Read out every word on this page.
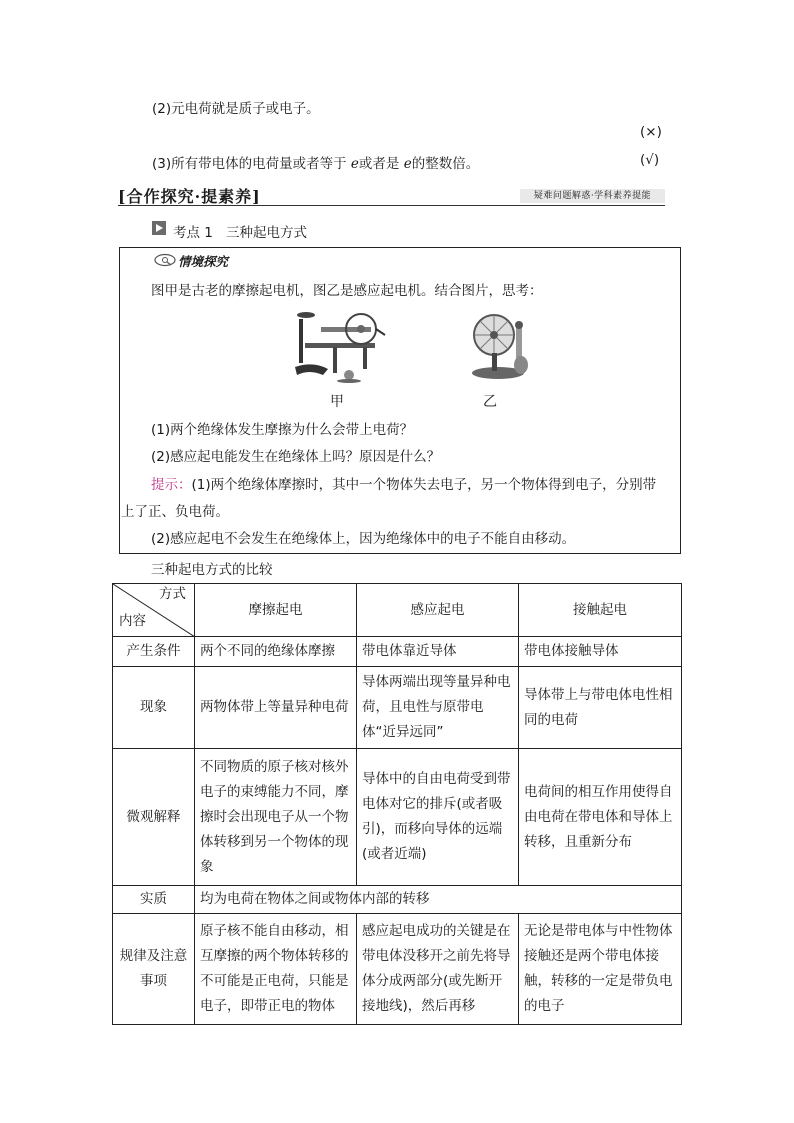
(2)元电荷就是质子或电子。
(×)
(3)所有带电体的电荷量或者等于 e或者是 e的整数倍。	(√)
[合作探究·提素养]	疑难问题解惑·学科素养提能
考点 1 三种起电方式
情境探究
图甲是古老的摩擦起电机，图乙是感应起电机。结合图片，思考：
甲	乙
(1)两个绝缘体发生摩擦为什么会带上电荷？
(2)感应起电能发生在绝缘体上吗？原因是什么？
提示：(1)两个绝缘体摩擦时，其中一个物体失去电子，另一个物体得到电子，分别带
上了正、负电荷。
(2)感应起电不会发生在绝缘体上，因为绝缘体中的电子不能自由移动。
三种起电方式的比较
方式
内容	摩擦起电	感应起电	接触起电
产生条件	两个不同的绝缘体摩擦	带电体靠近导体	带电体接触导体
现象	两物体带上等量异种电荷	导体两端出现等量异种电荷，且电性与原带电体“近异远同”	导体带上与带电体电性相同的电荷
微观解释	不同物质的原子核对核外电子的束缚能力不同，摩擦时会出现电子从一个物体转移到另一个物体的现象	导体中的自由电荷受到带电体对它的排斥(或者吸引)，而移向导体的远端(或者近端)	电荷间的相互作用使得自由电荷在带电体和导体上转移，且重新分布
实质	均为电荷在物体之间或物体内部的转移		
规律及注意事项	原子核不能自由移动，相互摩擦的两个物体转移的不可能是正电荷，只能是电子，即带正电的物体	感应起电成功的关键是在带电体没移开之前先将导体分成两部分(或先断开接地线)，然后再移	无论是带电体与中性物体接触还是两个带电体接触，转移的一定是带负电的电子
